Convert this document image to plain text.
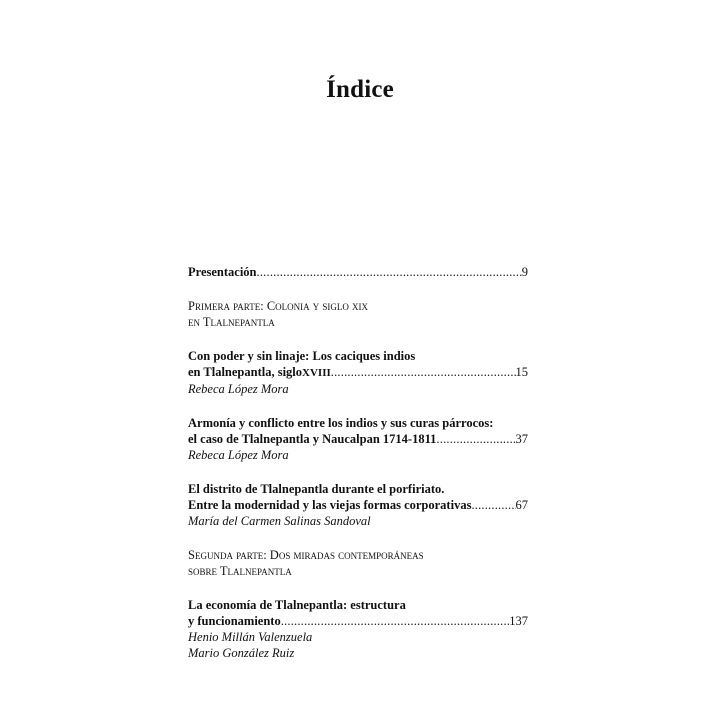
Índice
Presentación .....	9
Primera parte: Colonia y siglo xix
en Tlalnepantla
Con poder y sin linaje: Los caciques indios
en Tlalnepantla, siglo XVIII .....	15
Rebeca López Mora
Armonía y conflicto entre los indios y sus curas párrocos:
el caso de Tlalnepantla y Naucalpan 1714-1811 .....	37
Rebeca López Mora
El distrito de Tlalnepantla durante el porfiriato.
Entre la modernidad y las viejas formas corporativas .....	67
María del Carmen Salinas Sandoval
Segunda parte: Dos miradas contemporáneas
sobre Tlalnepantla
La economía de Tlalnepantla: estructura
y funcionamiento .....	137
Henio Millán Valenzuela
Mario González Ruiz
